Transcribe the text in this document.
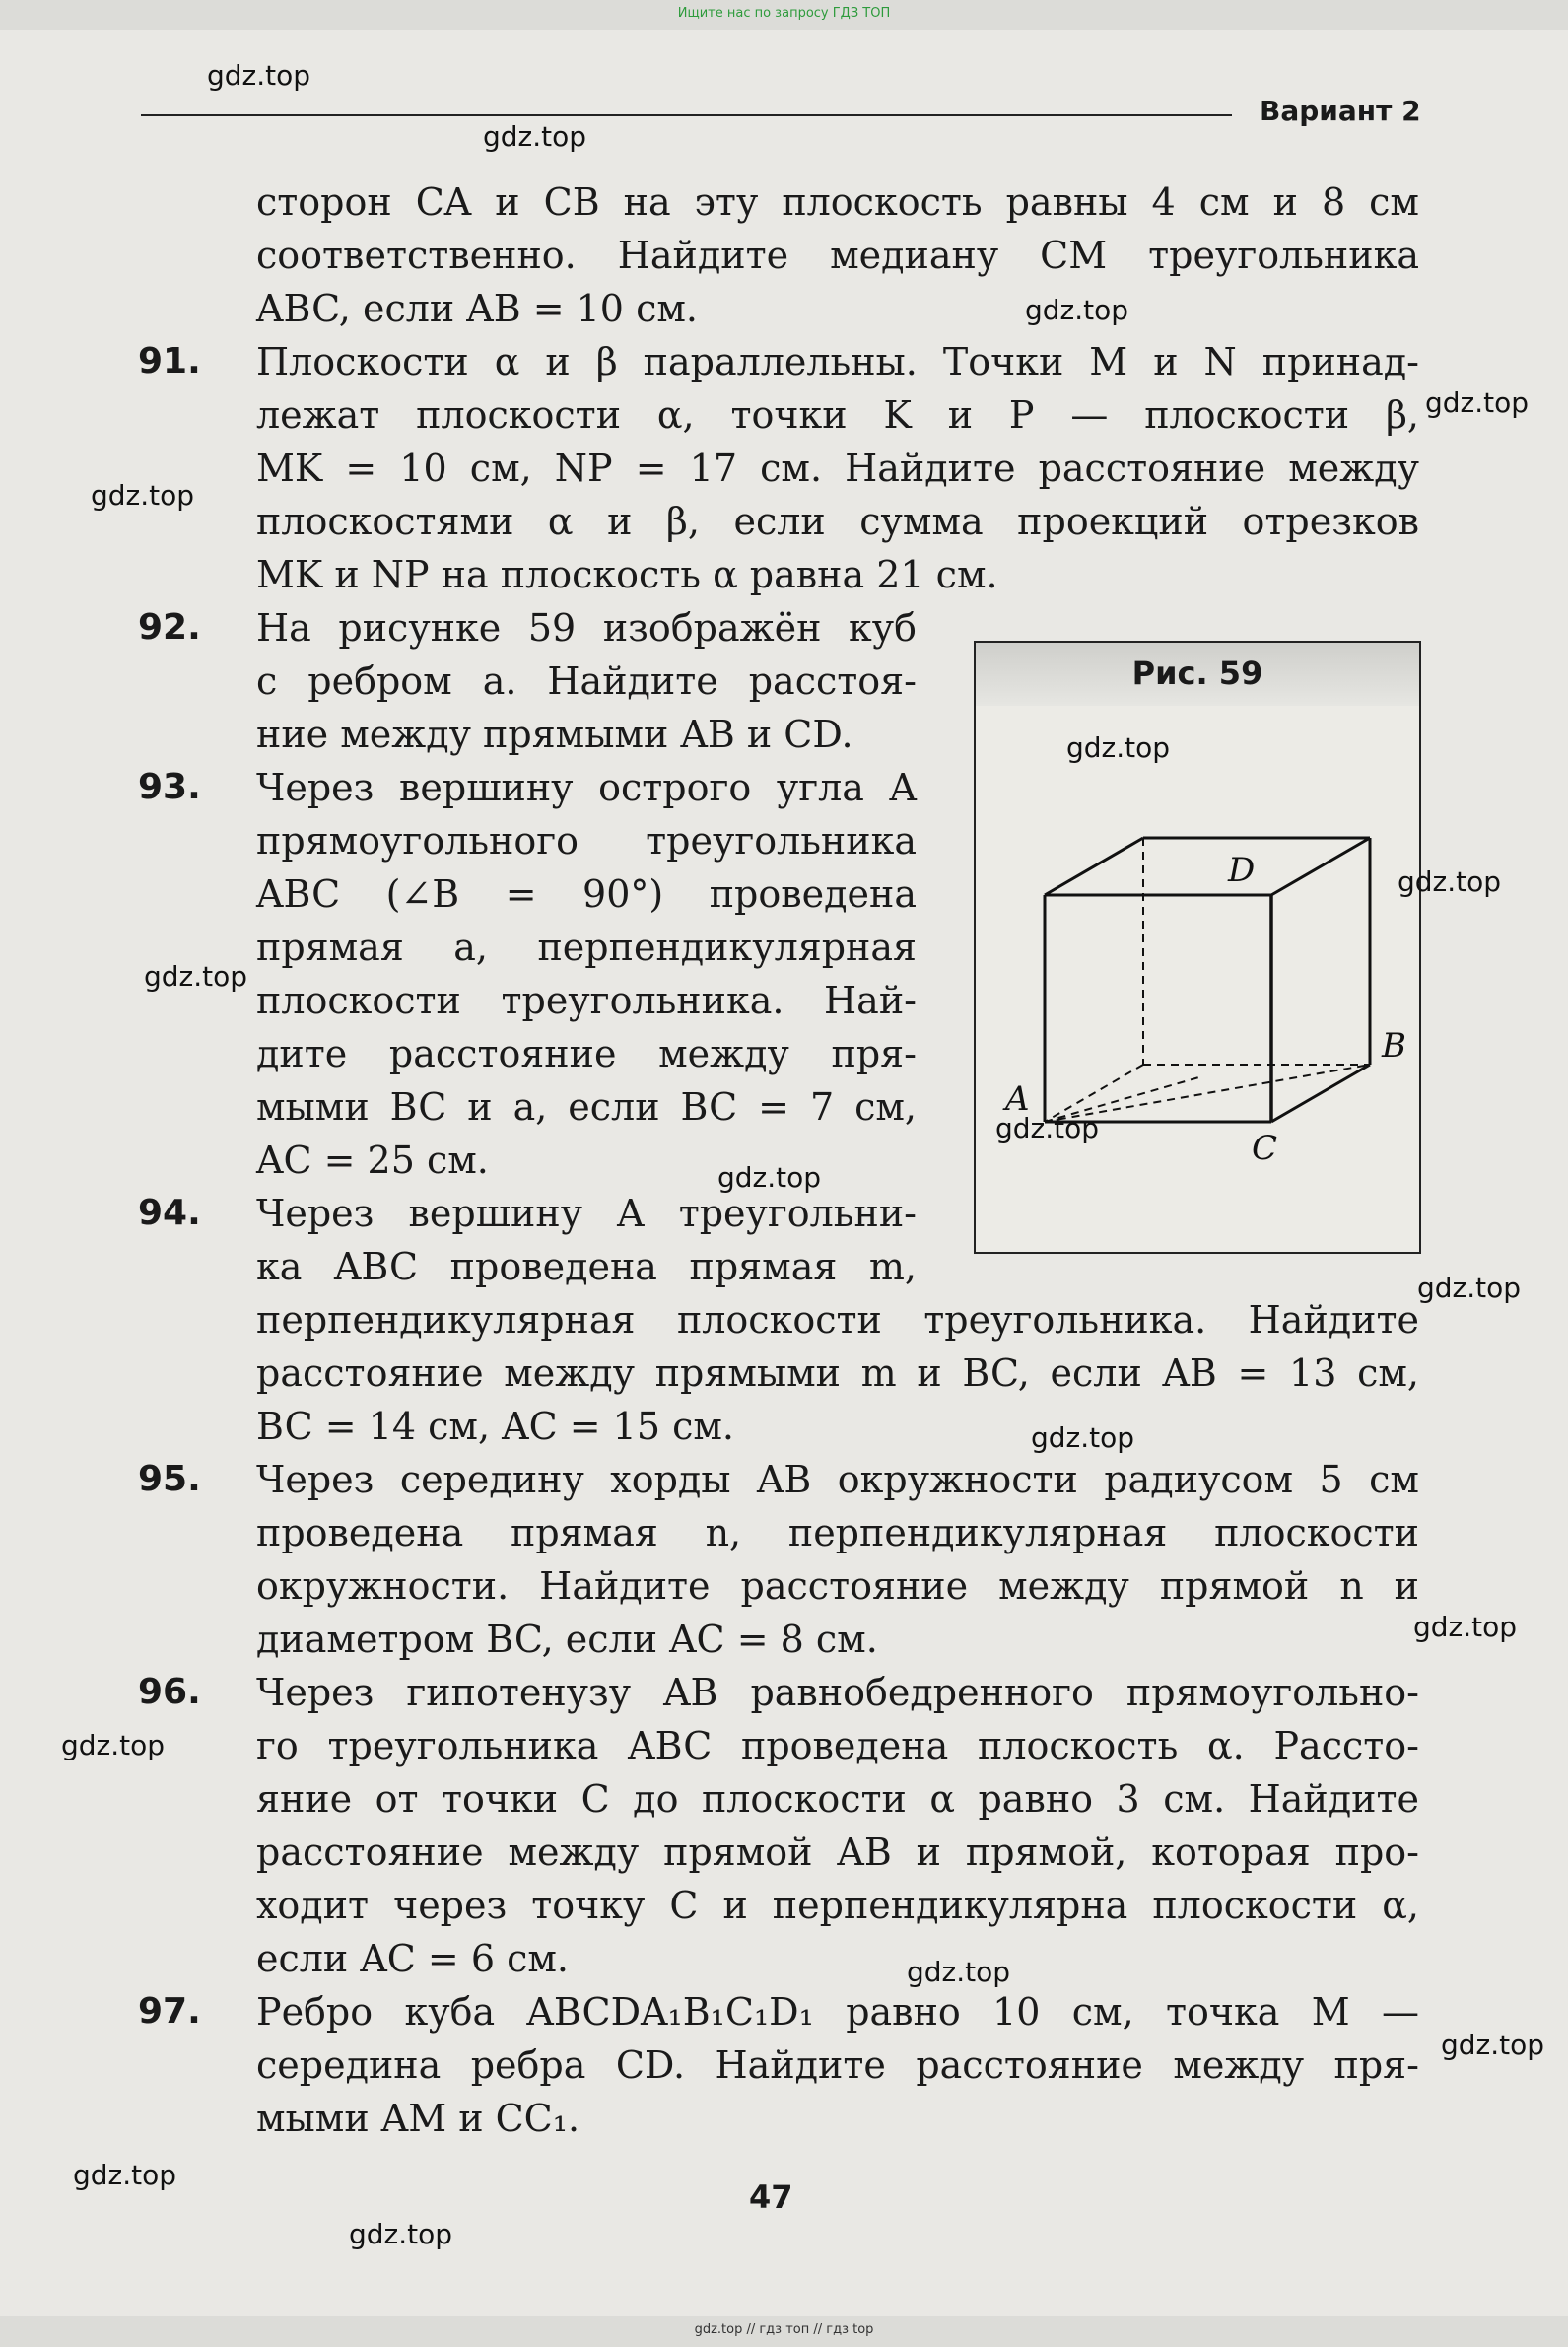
Ищите нас по запросу ГДЗ ТОП
Вариант 2
сторон CA и CB на эту плоскость равны 4 см и 8 см
соответственно. Найдите медиану CM треугольника
ABC, если AB = 10 см.
91. Плоскости α и β параллельны. Точки M и N принад-
лежат плоскости α, точки K и P — плоскости β,
MK = 10 см, NP = 17 см. Найдите расстояние между
плоскостями α и β, если сумма проекций отрезков
MK и NP на плоскость α равна 21 см.
92. На рисунке 59 изображён куб
с ребром a. Найдите расстоя-
ние между прямыми AB и CD.
93. Через вершину острого угла A
прямоугольного треугольника
ABC (∠B = 90°) проведена
прямая a, перпендикулярная
плоскости треугольника. Най-
дите расстояние между пря-
мыми BC и a, если BC = 7 см,
AC = 25 см.
94. Через вершину A треугольни-
ка ABC проведена прямая m,
перпендикулярная плоскости треугольника. Найдите
расстояние между прямыми m и BC, если AB = 13 см,
BC = 14 см, AC = 15 см.
95. Через середину хорды AB окружности радиусом 5 см
проведена прямая n, перпендикулярная плоскости
окружности. Найдите расстояние между прямой n и
диаметром BC, если AC = 8 см.
96. Через гипотенузу AB равнобедренного прямоугольно-
го треугольника ABC проведена плоскость α. Рассто-
яние от точки C до плоскости α равно 3 см. Найдите
расстояние между прямой AB и прямой, которая про-
ходит через точку C и перпендикулярна плоскости α,
если AC = 6 см.
97. Ребро куба ABCDA₁B₁C₁D₁ равно 10 см, точка M —
середина ребра CD. Найдите расстояние между пря-
мыми AM и CC₁.
Рис. 59
A
C
B
D
47
gdz.top
gdz.top
gdz.top
gdz.top
gdz.top
gdz.top
gdz.top
gdz.top
gdz.top
gdz.top
gdz.top
gdz.top
gdz.top
gdz.top
gdz.top
gdz.top
gdz.top
gdz.top
gdz.top // гдз топ // гдз top
